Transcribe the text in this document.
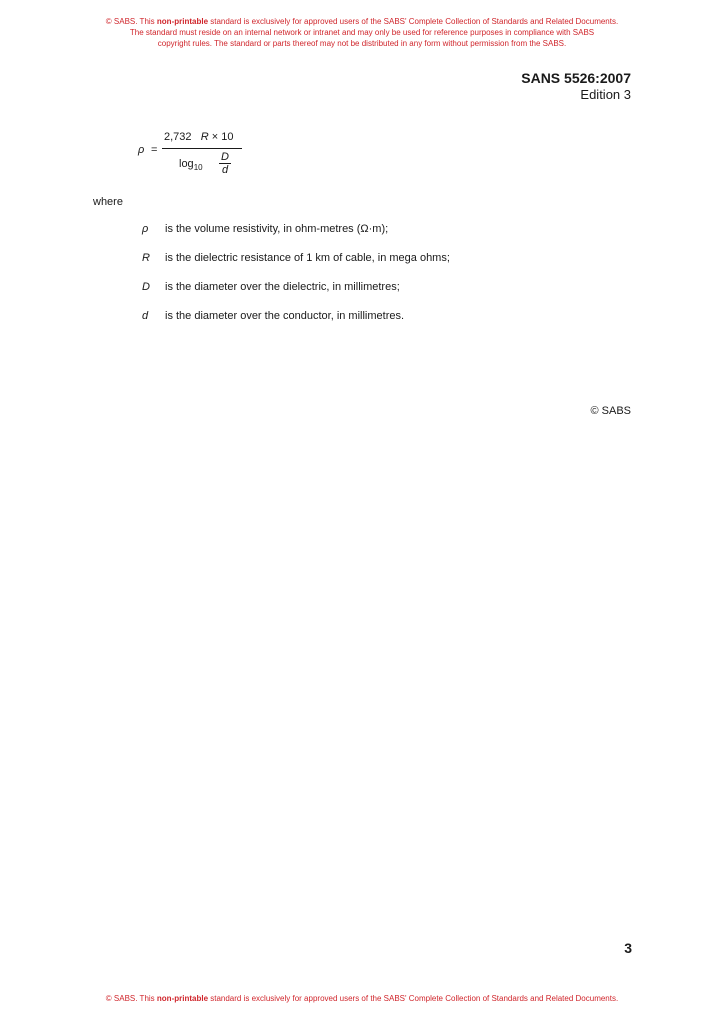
© SABS. This non-printable standard is exclusively for approved users of the SABS' Complete Collection of Standards and Related Documents.
The standard must reside on an internal network or intranet and may only be used for reference purposes in compliance with SABS
copyright rules. The standard or parts thereof may not be distributed in any form without permission from the SABS.
SANS 5526:2007
Edition 3
ρ =
2,732 R × 10
$\log_{10}$
D
d
where
ρ	is the volume resistivity, in ohm-metres (Ω·m);
R	is the dielectric resistance of 1 km of cable, in mega ohms;
D	is the diameter over the dielectric, in millimetres;
d	is the diameter over the conductor, in millimetres.
© SABS
3
© SABS. This non-printable standard is exclusively for approved users of the SABS' Complete Collection of Standards and Related Documents.
